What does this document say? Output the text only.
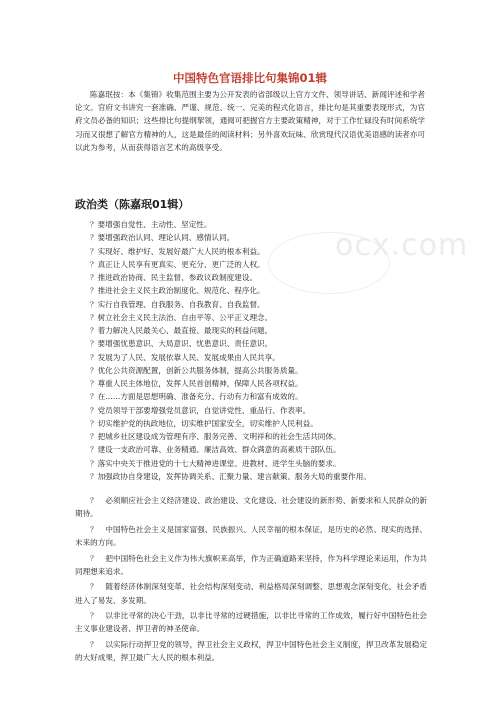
中国特色官语排比句集锦01辑

陈嘉珉按：本《集锦》收集范围主要为公开发表的省部级以上官方文件、领导讲话、新闻评述和学者论文。官府文书讲究一套准确、严谨、规范、统一、完美的程式化语言，排比句是其重要表现形式，为官府文员必备的知识；这些排比句提纲挈领，通阅可把握官方主要政策精神，对于工作忙碌没有时间系统学习而又很想了解官方精神的人，这是最佳的阅读材料；另外喜欢玩味、欣赏现代汉语优美语感的读者亦可以此为参考，从而获得语言艺术的高级享受。

政治类（陈嘉珉01辑）
？要增强自觉性、主动性、坚定性。
？要增强政治认同、理论认同、感情认同。
？实现好、维护好、发展好最广大人民的根本利益。
？真正让人民享有更真实、更充分、更广泛的人权。
？推进政治协商、民主监督、参政议政制度建设。
？推进社会主义民主政治制度化、规范化、程序化。
？实行自我管理、自我服务、自我教育、自我监督。
？树立社会主义民主法治、自由平等、公平正义理念。
？着力解决人民最关心、最直接、最现实的利益问题。
？要增强忧患意识、大局意识、忧患意识、责任意识。
？发展为了人民、发展依靠人民、发展成果由人民共享。
？优化公共资源配置，创新公共服务体制，提高公共服务质量。
？尊重人民主体地位，发挥人民首创精神，保障人民各项权益。
？在……方面是思想明确、准备充分、行动有力和富有成效的。
？党员领导干部要增强党员意识，自觉讲党性、重品行、作表率。
？切实维护党的执政地位，切实维护国家安全，切实维护人民利益。
？把城乡社区建设成为管理有序、服务完善、文明祥和的社会生活共同体。
？建设一支政治可靠、业务精通、廉洁高效、群众满意的高素质干部队伍。
？落实中央关于推进党的十七大精神进课堂、进教材、进学生头脑的要求。
？加强政协自身建设，发挥协调关系、汇聚力量、建言献策、服务大局的重要作用。
？　必须顺应社会主义经济建设、政治建设、文化建设、社会建设的新形势、新要求和人民群众的新期待。
？　中国特色社会主义是国家富强、民族振兴、人民幸福的根本保证，是历史的必然、现实的选择、未来的方向。
？　把中国特色社会主义作为伟大旗帜来高举，作为正确道路来坚持，作为科学理论来运用，作为共同理想来追求。
？　随着经济体制深刻变革、社会结构深刻变动、利益格局深刻调整、思想观念深刻变化，社会矛盾进入了易发、多发期。
？　以非比寻常的决心干劲，以非比寻常的过硬措施，以非比寻常的工作成效，履行好中国特色社会主义事业建设者、捍卫者的神圣使命。
？　以实际行动捍卫党的领导，捍卫社会主义政权，捍卫中国特色社会主义制度，捍卫改革发展稳定的大好成果，捍卫最广大人民的根本利益。
ocx.com
